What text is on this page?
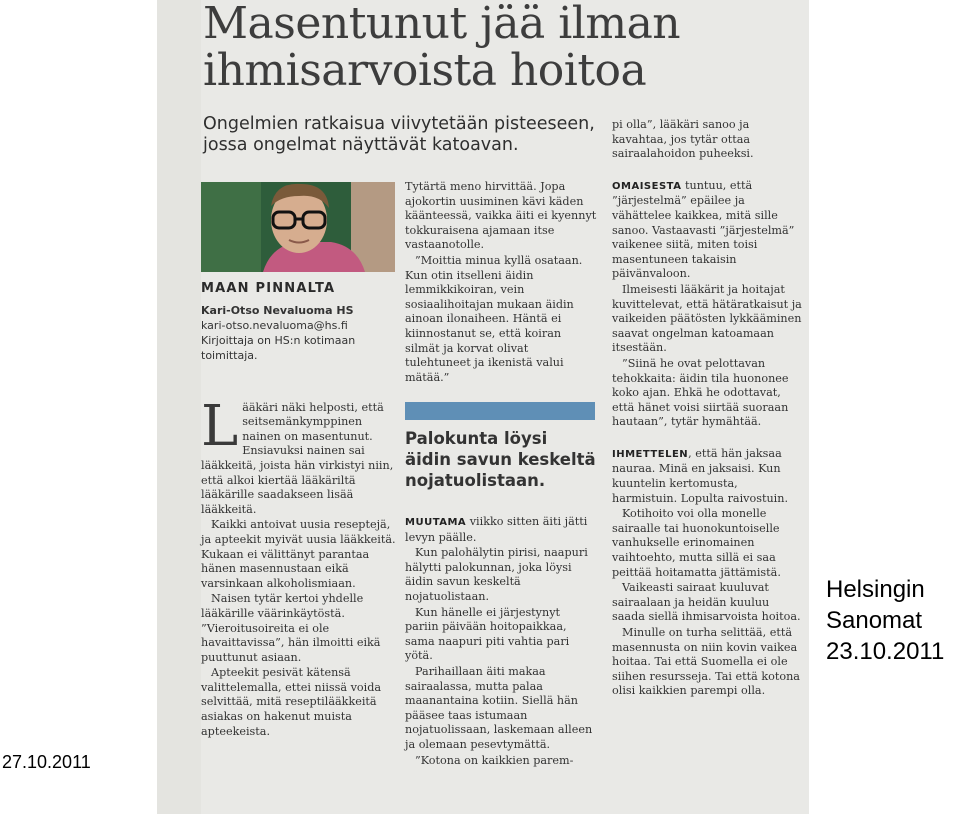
Masentunut jää ilman
ihmisarvoista hoitoa
Ongelmien ratkaisua viivytetään pisteeseen,
jossa ongelmat näyttävät katoavan.
MAAN PINNALTA
Kari-Otso Nevaluoma HS
kari-otso.nevaluoma@hs.fi
Kirjoittaja on HS:n kotimaan
toimittaja.

Lääkäri näki helposti, että seitsemänkymppinen nainen on masentunut. Ensiavuksi nainen sai lääkkeitä, joista hän virkistyi niin, että alkoi kiertää lääkäriltä lääkärille saadakseen lisää lääkkeitä.

Kaikki antoivat uusia reseptejä, ja apteekit myivät uusia lääkkeitä. Kukaan ei välittänyt parantaa hänen masennustaan eikä varsinkaan alkoholismiaan.

Naisen tytär kertoi yhdelle lääkärille väärinkäytöstä. ”Vieroitusoireita ei ole havaittavissa”, hän ilmoitti eikä puuttunut asiaan.

Apteekit pesivät kätensä valittelemalla, ettei niissä voida selvittää, mitä reseptilääkkeitä asiakas on hakenut muista apteekeista.

Tytärtä meno hirvittää. Jopa ajokortin uusiminen kävi käden käänteessä, vaikka äiti ei kyennyt tokkuraisena ajamaan itse vastaanotolle.

”Moittia minua kyllä osataan. Kun otin itselleni äidin lemmikkikoiran, vein sosiaalihoitajan mukaan äidin ainoan ilonaiheen. Häntä ei kiinnostanut se, että koiran silmät ja korvat olivat tulehtuneet ja ikenistä valui mätää.”

Palokunta löysi
äidin savun keskeltä
nojatuolistaan.

MUUTAMA viikko sitten äiti jätti levyn päälle.

Kun palohälytin pirisi, naapuri hälytti palokunnan, joka löysi äidin savun keskeltä nojatuolistaan.

Kun hänelle ei järjestynyt pariin päivään hoitopaikkaa, sama naapuri piti vahtia pari yötä.

Parihaillaan äiti makaa sairaalassa, mutta palaa maanantaina kotiin. Siellä hän pääsee taas istumaan nojatuolissaan, laskemaan alleen ja olemaan pesevtymättä.

”Kotona on kaikkien parem-

pi olla”, lääkäri sanoo ja kavahtaa, jos tytär ottaa sairaalahoidon puheeksi.

OMAISESTA tuntuu, että ”järjestelmä” epäilee ja vähättelee kaikkea, mitä sille sanoo. Vastaavasti ”järjestelmä” vaikenee siitä, miten toisi masentuneen takaisin päivänvaloon.

Ilmeisesti lääkärit ja hoitajat kuvittelevat, että hätäratkaisut ja vaikeiden päätösten lykkääminen saavat ongelman katoamaan itsestään.

”Siinä he ovat pelottavan tehokkaita: äidin tila huononee koko ajan. Ehkä he odottavat, että hänet voisi siirtää suoraan hautaan”, tytär hymähtää.

IHMETTELEN, että hän jaksaa nauraa. Minä en jaksaisi. Kun kuuntelin kertomusta, harmistuin. Lopulta raivostuin.

Kotihoito voi olla monelle sairaalle tai huonokuntoiselle vanhukselle erinomainen vaihtoehto, mutta sillä ei saa peittää hoitamatta jättämistä.

Vaikeasti sairaat kuuluvat sairaalaan ja heidän kuuluu saada siellä ihmisarvoista hoitoa.

Minulle on turha selittää, että masennusta on niin kovin vaikea hoitaa. Tai että Suomella ei ole siihen resursseja. Tai että kotona olisi kaikkien parempi olla.

Helsingin
Sanomat
23.10.2011
27.10.2011
